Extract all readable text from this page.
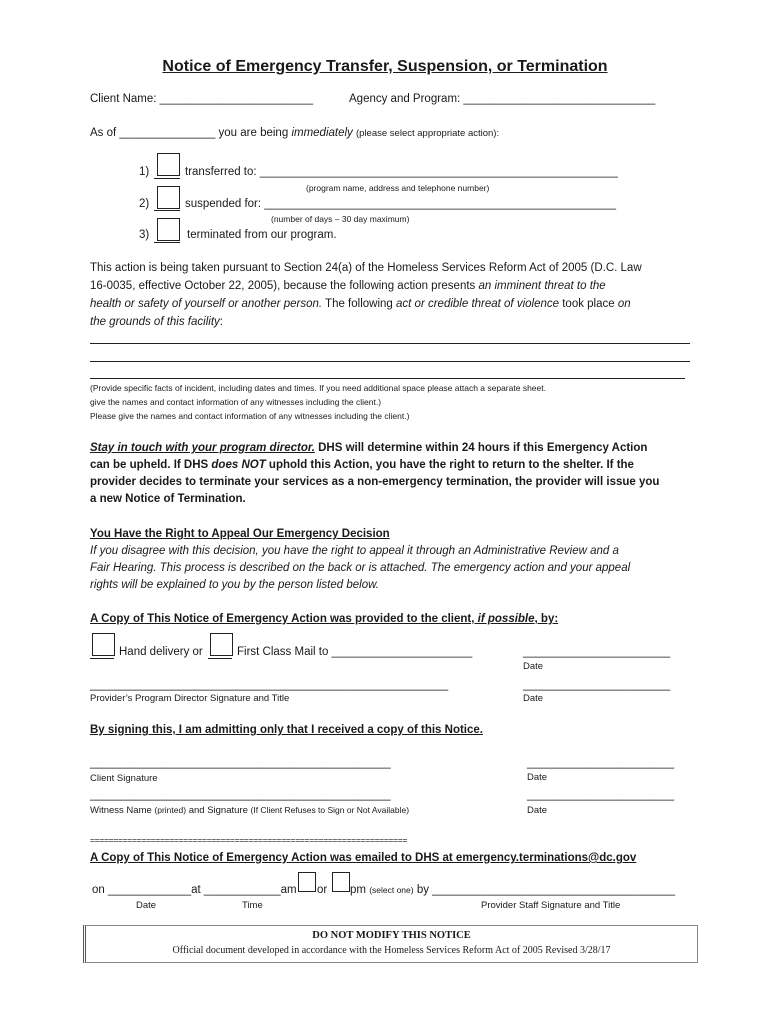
Notice of Emergency Transfer, Suspension, or Termination
Client Name: ________________________	Agency and Program: ______________________________
As of _______________ you are being immediately (please select appropriate action):
1)	transferred to: ________________________________________________________
(program name, address and telephone number)
2)	suspended for: _______________________________________________________
(number of days – 30 day maximum)
3)	terminated from our program.
This action is being taken pursuant to Section 24(a) of the Homeless Services Reform Act of 2005 (D.C. Law
16-0035, effective October 22, 2005), because the following action presents an imminent threat to the
health or safety of yourself or another person. The following act or credible threat of violence took place on
the grounds of this facility:
(Provide specific facts of incident, including dates and times. If you need additional space please attach a separate sheet.
give the names and contact information of any witnesses including the client.)
Please give the names and contact information of any witnesses including the client.)
Stay in touch with your program director. DHS will determine within 24 hours if this Emergency Action
can be upheld. If DHS does NOT uphold this Action, you have the right to return to the shelter. If the
provider decides to terminate your services as a non-emergency termination, the provider will issue you
a new Notice of Termination.
You Have the Right to Appeal Our Emergency Decision
If you disagree with this decision, you have the right to appeal it through an Administrative Review and a
Fair Hearing. This process is described on the back or is attached. The emergency action and your appeal
rights will be explained to you by the person listed below.
A Copy of This Notice of Emergency Action was provided to the client, if possible, by:
Hand delivery or	First Class Mail to ______________________	_______________________
Date
________________________________________________________	_______________________
Provider’s Program Director Signature and Title	Date
By signing this, I am admitting only that I received a copy of this Notice.
_______________________________________________	_______________________
Client Signature	Date
_______________________________________________	_______________________
Witness Name (printed) and Signature (If Client Refuses to Sign or Not Available)	Date
====================================================================
A Copy of This Notice of Emergency Action was emailed to DHS at emergency.terminations@dc.gov
on _____________at ____________am or pm (select one) by ______________________________________
Date	Time	Provider Staff Signature and Title
DO NOT MODIFY THIS NOTICE
Official document developed in accordance with the Homeless Services Reform Act of 2005 Revised 3/28/17
